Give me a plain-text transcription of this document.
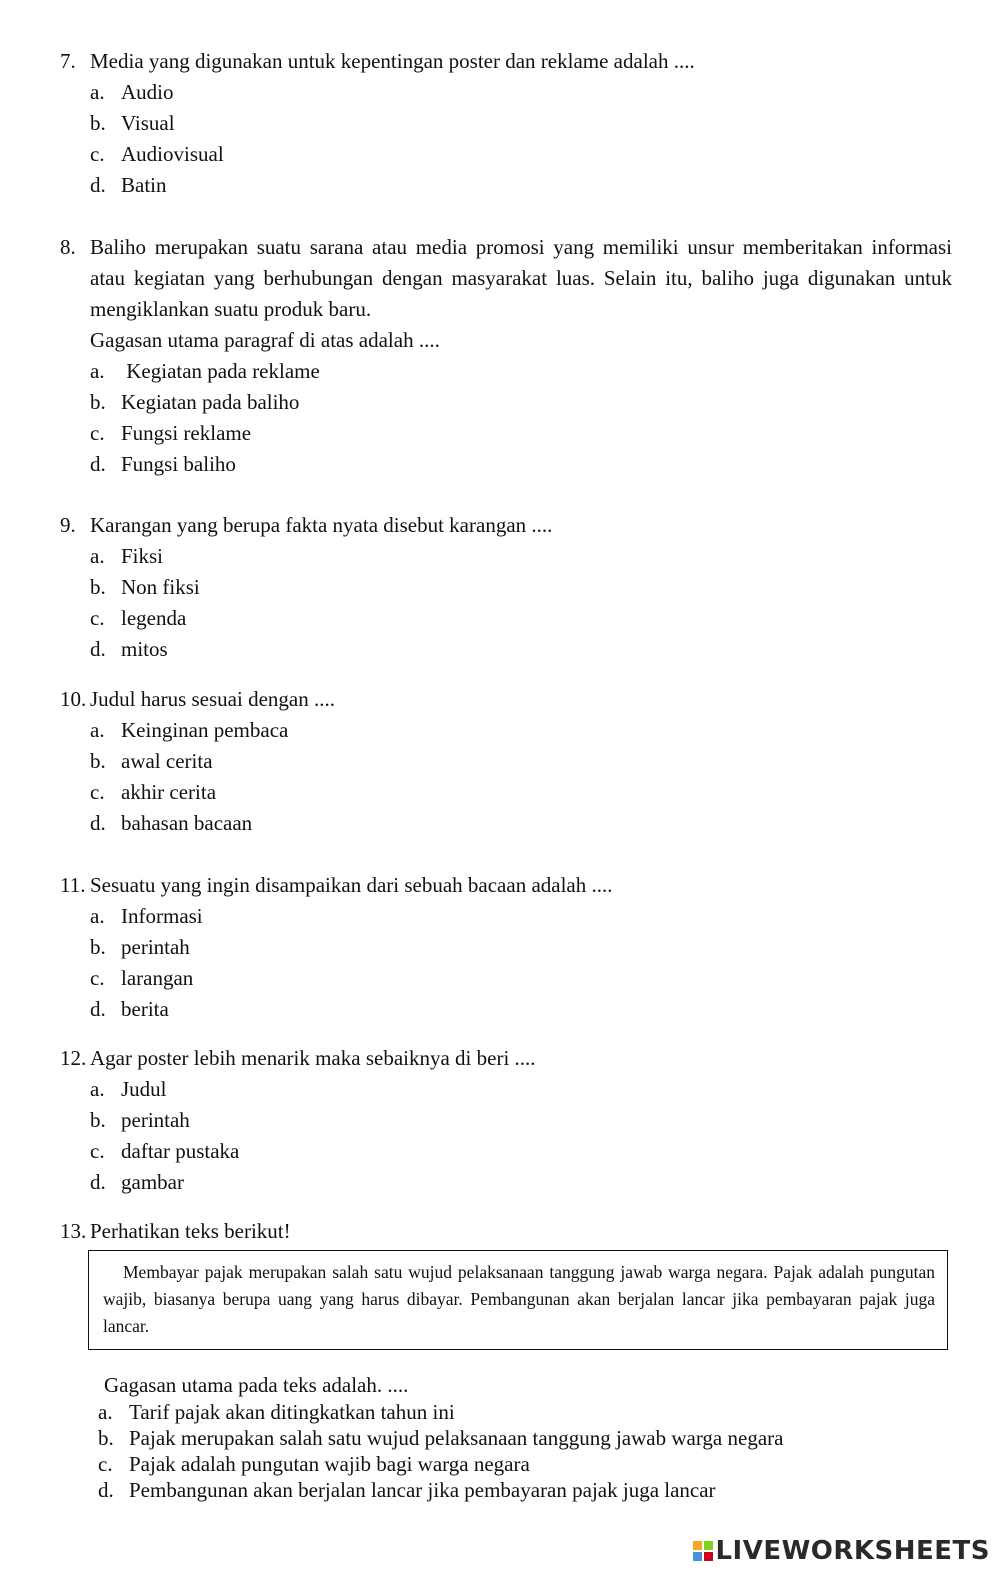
7. Media yang digunakan untuk kepentingan poster dan reklame adalah ....
a. Audio
b. Visual
c. Audiovisual
d. Batin
8. Baliho merupakan suatu sarana atau media promosi yang memiliki unsur memberitakan informasi atau kegiatan yang berhubungan dengan masyarakat luas. Selain itu, baliho juga digunakan untuk mengiklankan suatu produk baru.
Gagasan utama paragraf di atas adalah ....
a. Kegiatan pada reklame
b. Kegiatan pada baliho
c. Fungsi reklame
d. Fungsi baliho
9. Karangan yang berupa fakta nyata disebut karangan ....
a. Fiksi
b. Non fiksi
c. legenda
d. mitos
10. Judul harus sesuai dengan ....
a. Keinginan pembaca
b. awal cerita
c. akhir cerita
d. bahasan bacaan
11. Sesuatu yang ingin disampaikan dari sebuah bacaan adalah ....
a. Informasi
b. perintah
c. larangan
d. berita
12. Agar poster lebih menarik maka sebaiknya di beri ....
a. Judul
b. perintah
c. daftar pustaka
d. gambar
13. Perhatikan teks berikut!
Membayar pajak merupakan salah satu wujud pelaksanaan tanggung jawab warga negara. Pajak adalah pungutan wajib, biasanya berupa uang yang harus dibayar. Pembangunan akan berjalan lancar jika pembayaran pajak juga lancar.
Gagasan utama pada teks adalah. ....
a. Tarif pajak akan ditingkatkan tahun ini
b. Pajak merupakan salah satu wujud pelaksanaan tanggung jawab warga negara
c. Pajak adalah pungutan wajib bagi warga negara
d. Pembangunan akan berjalan lancar jika pembayaran pajak juga lancar
LIVEWORKSHEETS
